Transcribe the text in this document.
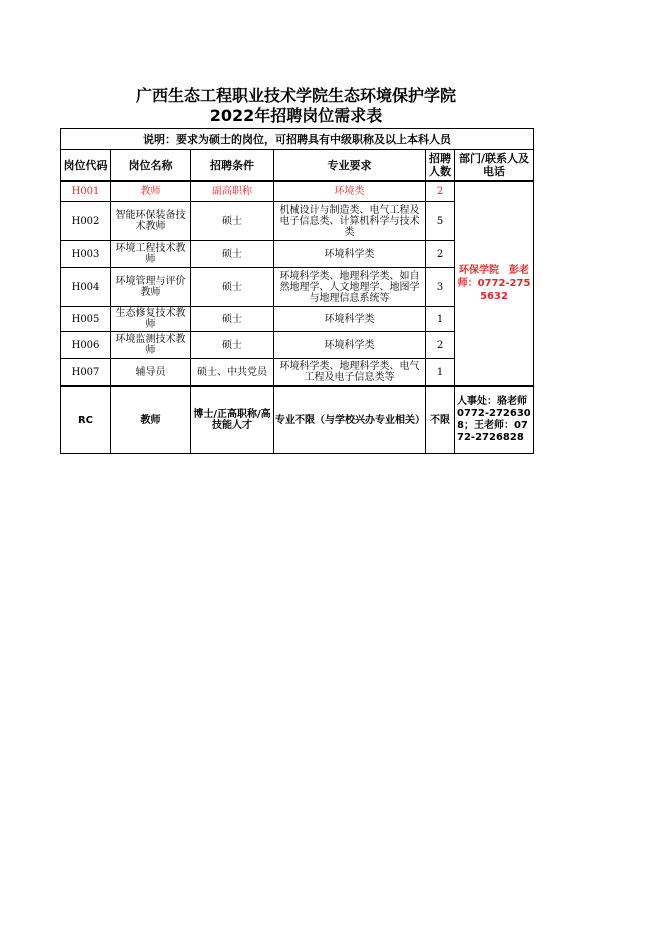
广西生态工程职业技术学院生态环境保护学院
2022年招聘岗位需求表
说明：要求为硕士的岗位，可招聘具有中级职称及以上本科人员					
岗位代码	岗位名称	招聘条件	专业要求	招聘人数	部门/联系人及电话
H001	教师	副高职称	环境类	2	环保学院　彭老师：0772-2755632
H002	智能环保装备技术教师	硕士	机械设计与制造类、电气工程及电子信息类、计算机科学与技术类	5	
H003	环境工程技术教师	硕士	环境科学类	2	
H004	环境管理与评价教师	硕士	环境科学类、地理科学类、如自然地理学、人文地理学、地图学与地理信息系统等	3	
H005	生态修复技术教师	硕士	环境科学类	1	
H006	环境监测技术教师	硕士	环境科学类	2	
H007	辅导员	硕士、中共党员	环境科学类、地理科学类、电气工程及电子信息类等	1	
RC	教师	博士/正高职称/高技能人才	专业不限（与学校兴办专业相关）	不限	人事处：骆老师0772-2726308；王老师：0772-2726828
